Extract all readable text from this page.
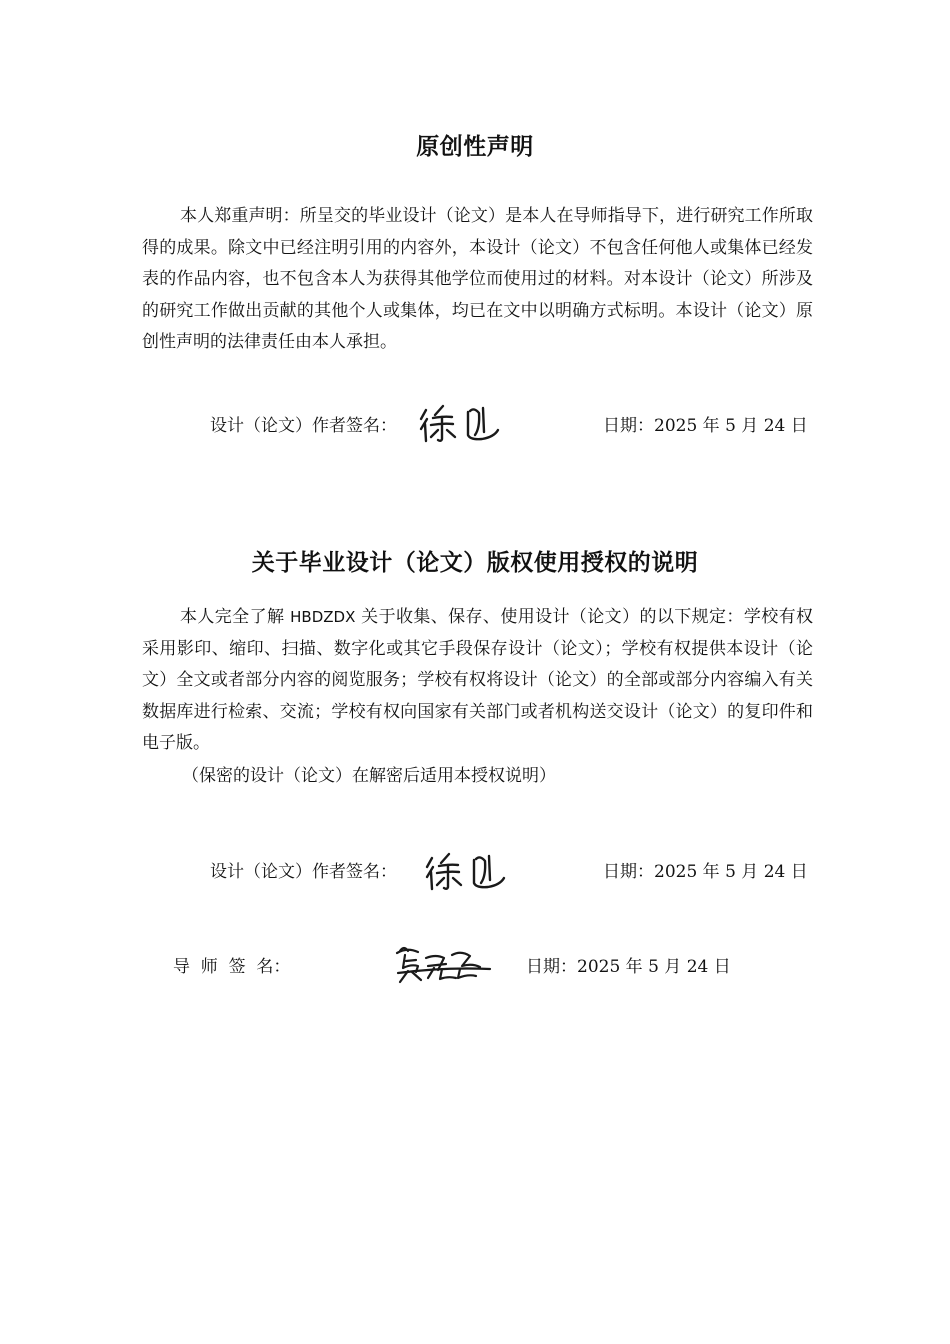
原创性声明

本人郑重声明：所呈交的毕业设计（论文）是本人在导师指导下，进行研究工作所取得的成果。除文中已经注明引用的内容外，本设计（论文）不包含任何他人或集体已经发表的作品内容，也不包含本人为获得其他学位而使用过的材料。对本设计（论文）所涉及的研究工作做出贡献的其他个人或集体，均已在文中以明确方式标明。本设计（论文）原创性声明的法律责任由本人承担。

设计（论文）作者签名：	日期：2025 年 5 月 24 日
关于毕业设计（论文）版权使用授权的说明

本人完全了解 HBDZDX 关于收集、保存、使用设计（论文）的以下规定：学校有权采用影印、缩印、扫描、数字化或其它手段保存设计（论文）；学校有权提供本设计（论文）全文或者部分内容的阅览服务；学校有权将设计（论文）的全部或部分内容编入有关数据库进行检索、交流；学校有权向国家有关部门或者机构送交设计（论文）的复印件和电子版。

（保密的设计（论文）在解密后适用本授权说明）

设计（论文）作者签名：	日期：2025 年 5 月 24 日
导  师  签  名：	日期：2025 年 5 月 24 日
